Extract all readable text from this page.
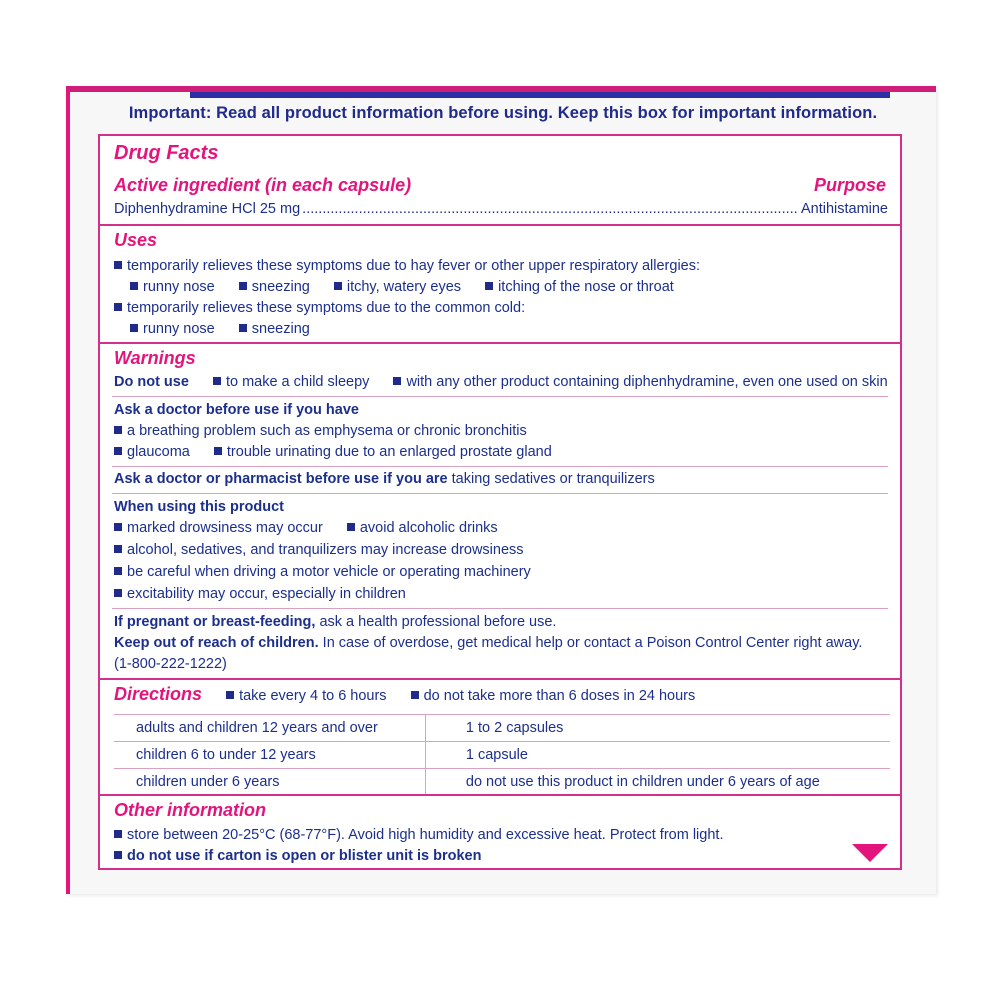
Important: Read all product information before using. Keep this box for important information.
Drug Facts
Active ingredient (in each capsule)	Purpose
Diphenhydramine HCl 25 mg .....	Antihistamine
Uses
temporarily relieves these symptoms due to hay fever or other upper respiratory allergies:
runny nose	sneezing	itchy, watery eyes	itching of the nose or throat
temporarily relieves these symptoms due to the common cold:
runny nose	sneezing
Warnings
Do not use	to make a child sleepy	with any other product containing diphenhydramine, even one used on skin
Ask a doctor before use if you have
a breathing problem such as emphysema or chronic bronchitis
glaucoma	trouble urinating due to an enlarged prostate gland
Ask a doctor or pharmacist before use if you are taking sedatives or tranquilizers
When using this product
marked drowsiness may occur	avoid alcoholic drinks
alcohol, sedatives, and tranquilizers may increase drowsiness
be careful when driving a motor vehicle or operating machinery
excitability may occur, especially in children
If pregnant or breast-feeding, ask a health professional before use.
Keep out of reach of children. In case of overdose, get medical help or contact a Poison Control Center right away.
(1-800-222-1222)
Directions	take every 4 to 6 hours	do not take more than 6 doses in 24 hours
adults and children 12 years and over	1 to 2 capsules
children 6 to under 12 years	1 capsule
children under 6 years	do not use this product in children under 6 years of age
Other information
store between 20-25°C (68-77°F). Avoid high humidity and excessive heat. Protect from light.
do not use if carton is open or blister unit is broken
